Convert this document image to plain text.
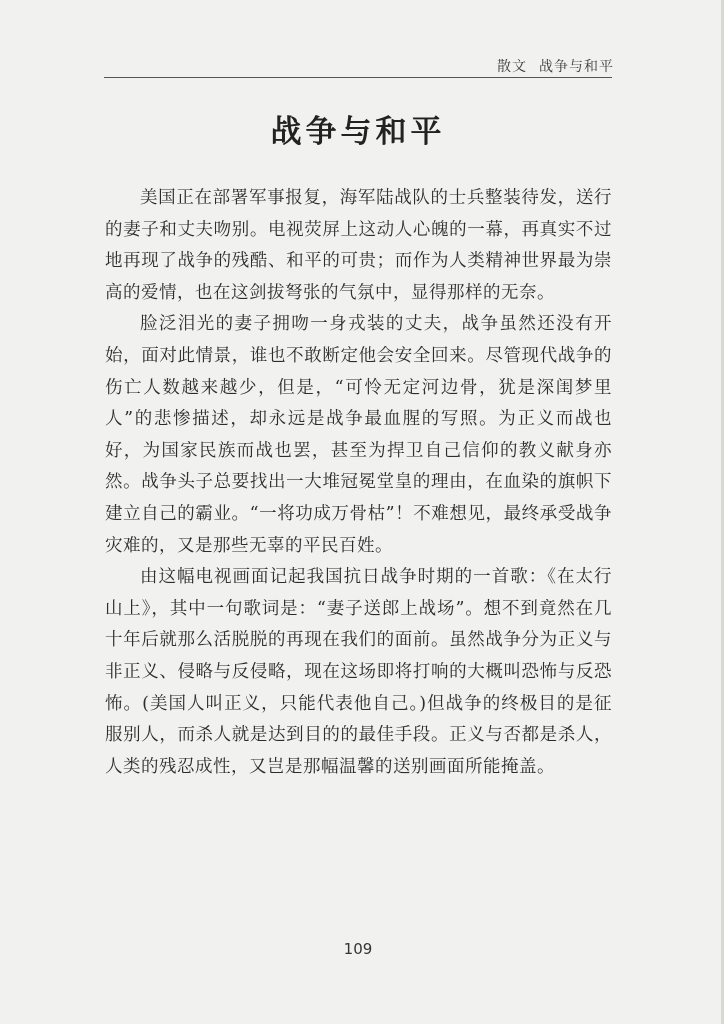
散文 战争与和平
战争与和平

美国正在部署军事报复，海军陆战队的士兵整装待发，送行的妻子和丈夫吻别。电视荧屏上这动人心魄的一幕，再真实不过地再现了战争的残酷、和平的可贵；而作为人类精神世界最为崇高的爱情，也在这剑拔弩张的气氛中，显得那样的无奈。

脸泛泪光的妻子拥吻一身戎装的丈夫，战争虽然还没有开始，面对此情景，谁也不敢断定他会安全回来。尽管现代战争的伤亡人数越来越少，但是，“可怜无定河边骨，犹是深闺梦里人”的悲惨描述，却永远是战争最血腥的写照。为正义而战也好，为国家民族而战也罢，甚至为捍卫自己信仰的教义献身亦然。战争头子总要找出一大堆冠冕堂皇的理由，在血染的旗帜下建立自己的霸业。“一将功成万骨枯”！不难想见，最终承受战争灾难的，又是那些无辜的平民百姓。

由这幅电视画面记起我国抗日战争时期的一首歌：《在太行山上》，其中一句歌词是：“妻子送郎上战场”。想不到竟然在几十年后就那么活脱脱的再现在我们的面前。虽然战争分为正义与非正义、侵略与反侵略，现在这场即将打响的大概叫恐怖与反恐怖。(美国人叫正义，只能代表他自己。)但战争的终极目的是征服别人，而杀人就是达到目的的最佳手段。正义与否都是杀人，人类的残忍成性，又岂是那幅温馨的送别画面所能掩盖。

109
